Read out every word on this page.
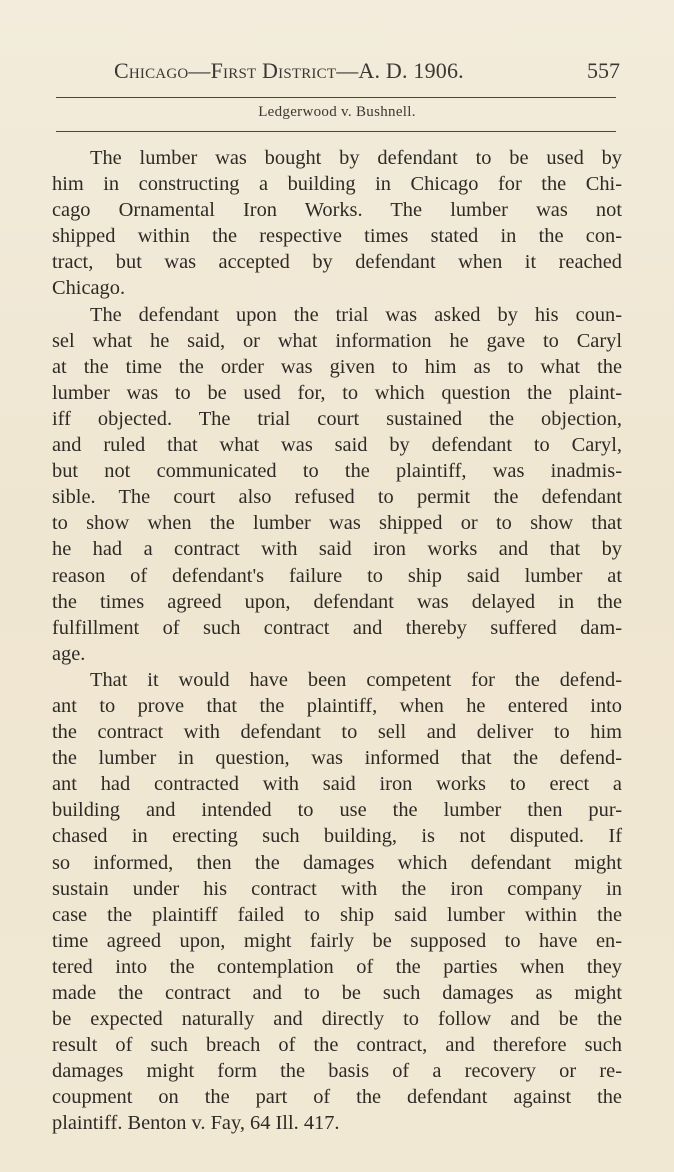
Chicago—First District—A. D. 1906.	557
Ledgerwood v. Bushnell.
The lumber was bought by defendant to be used by
him in constructing a building in Chicago for the Chi-
cago Ornamental Iron Works. The lumber was not
shipped within the respective times stated in the con-
tract, but was accepted by defendant when it reached
Chicago.
The defendant upon the trial was asked by his coun-
sel what he said, or what information he gave to Caryl
at the time the order was given to him as to what the
lumber was to be used for, to which question the plaint-
iff objected. The trial court sustained the objection,
and ruled that what was said by defendant to Caryl,
but not communicated to the plaintiff, was inadmis-
sible. The court also refused to permit the defendant
to show when the lumber was shipped or to show that
he had a contract with said iron works and that by
reason of defendant's failure to ship said lumber at
the times agreed upon, defendant was delayed in the
fulfillment of such contract and thereby suffered dam-
age.
That it would have been competent for the defend-
ant to prove that the plaintiff, when he entered into
the contract with defendant to sell and deliver to him
the lumber in question, was informed that the defend-
ant had contracted with said iron works to erect a
building and intended to use the lumber then pur-
chased in erecting such building, is not disputed. If
so informed, then the damages which defendant might
sustain under his contract with the iron company in
case the plaintiff failed to ship said lumber within the
time agreed upon, might fairly be supposed to have en-
tered into the contemplation of the parties when they
made the contract and to be such damages as might
be expected naturally and directly to follow and be the
result of such breach of the contract, and therefore such
damages might form the basis of a recovery or re-
coupment on the part of the defendant against the
plaintiff. Benton v. Fay, 64 Ill. 417.
